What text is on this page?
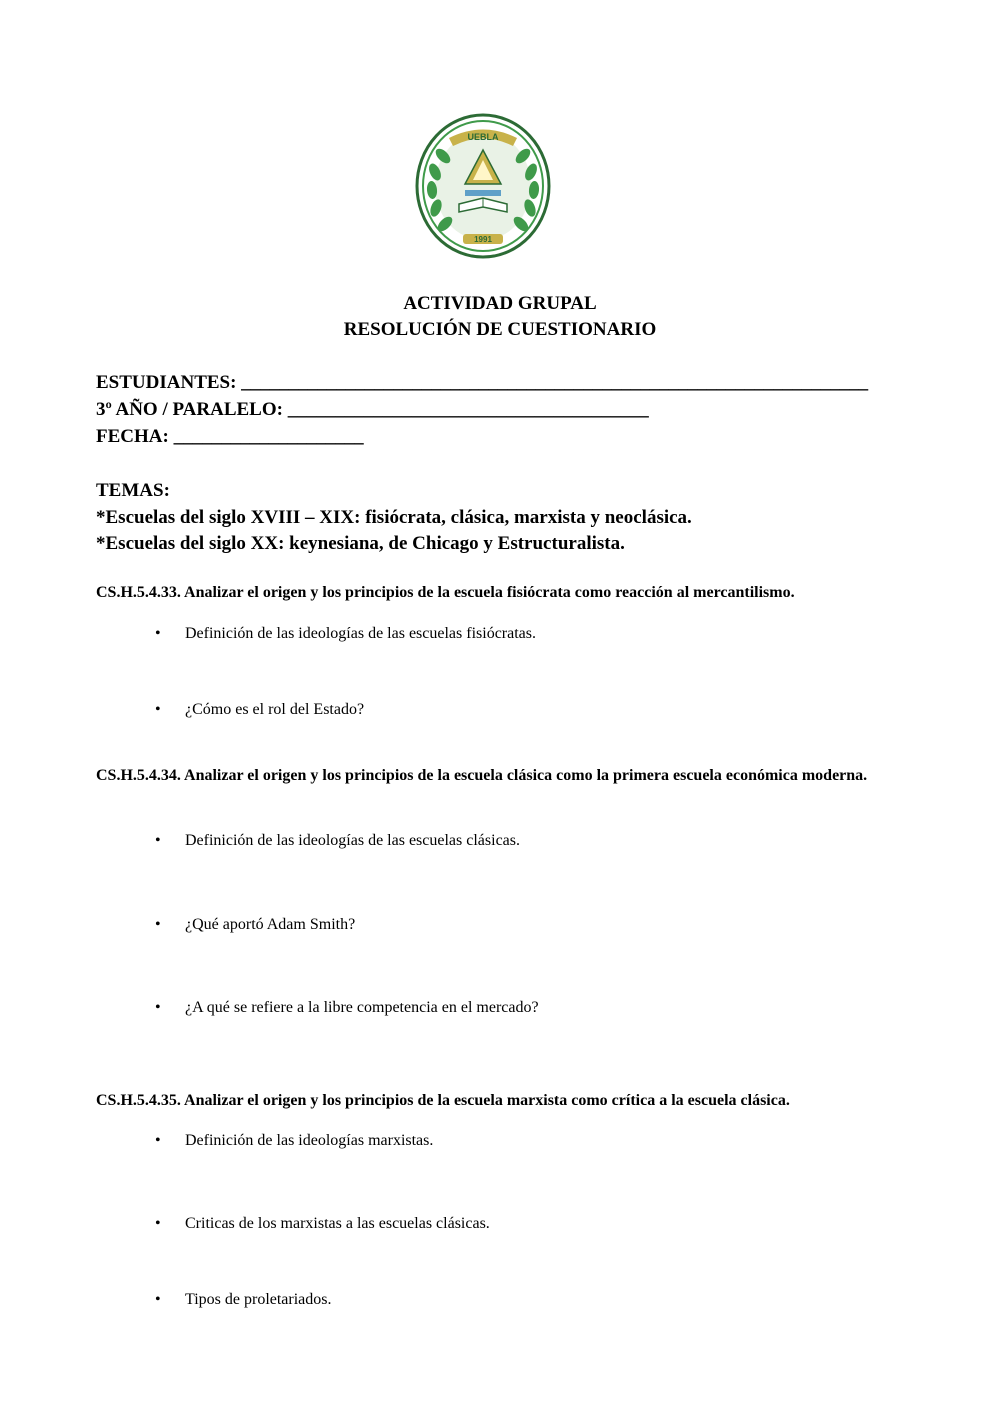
UEBLA
1991
ACTIVIDAD GRUPAL
RESOLUCIÓN DE CUESTIONARIO
ESTUDIANTES: __________________________________________________________________
3º AÑO / PARALELO: ______________________________________
FECHA: ____________________
TEMAS:
*Escuelas del siglo XVIII – XIX: fisiócrata, clásica, marxista y neoclásica.
*Escuelas del siglo XX: keynesiana, de Chicago y Estructuralista.
CS.H.5.4.33. Analizar el origen y los principios de la escuela fisiócrata como reacción al mercantilismo.
• Definición de las ideologías de las escuelas fisiócratas.
• ¿Cómo es el rol del Estado?
CS.H.5.4.34. Analizar el origen y los principios de la escuela clásica como la primera escuela económica moderna.
• Definición de las ideologías de las escuelas clásicas.
• ¿Qué aportó Adam Smith?
• ¿A qué se refiere a la libre competencia en el mercado?
CS.H.5.4.35. Analizar el origen y los principios de la escuela marxista como crítica a la escuela clásica.
• Definición de las ideologías marxistas.
• Criticas de los marxistas a las escuelas clásicas.
• Tipos de proletariados.
